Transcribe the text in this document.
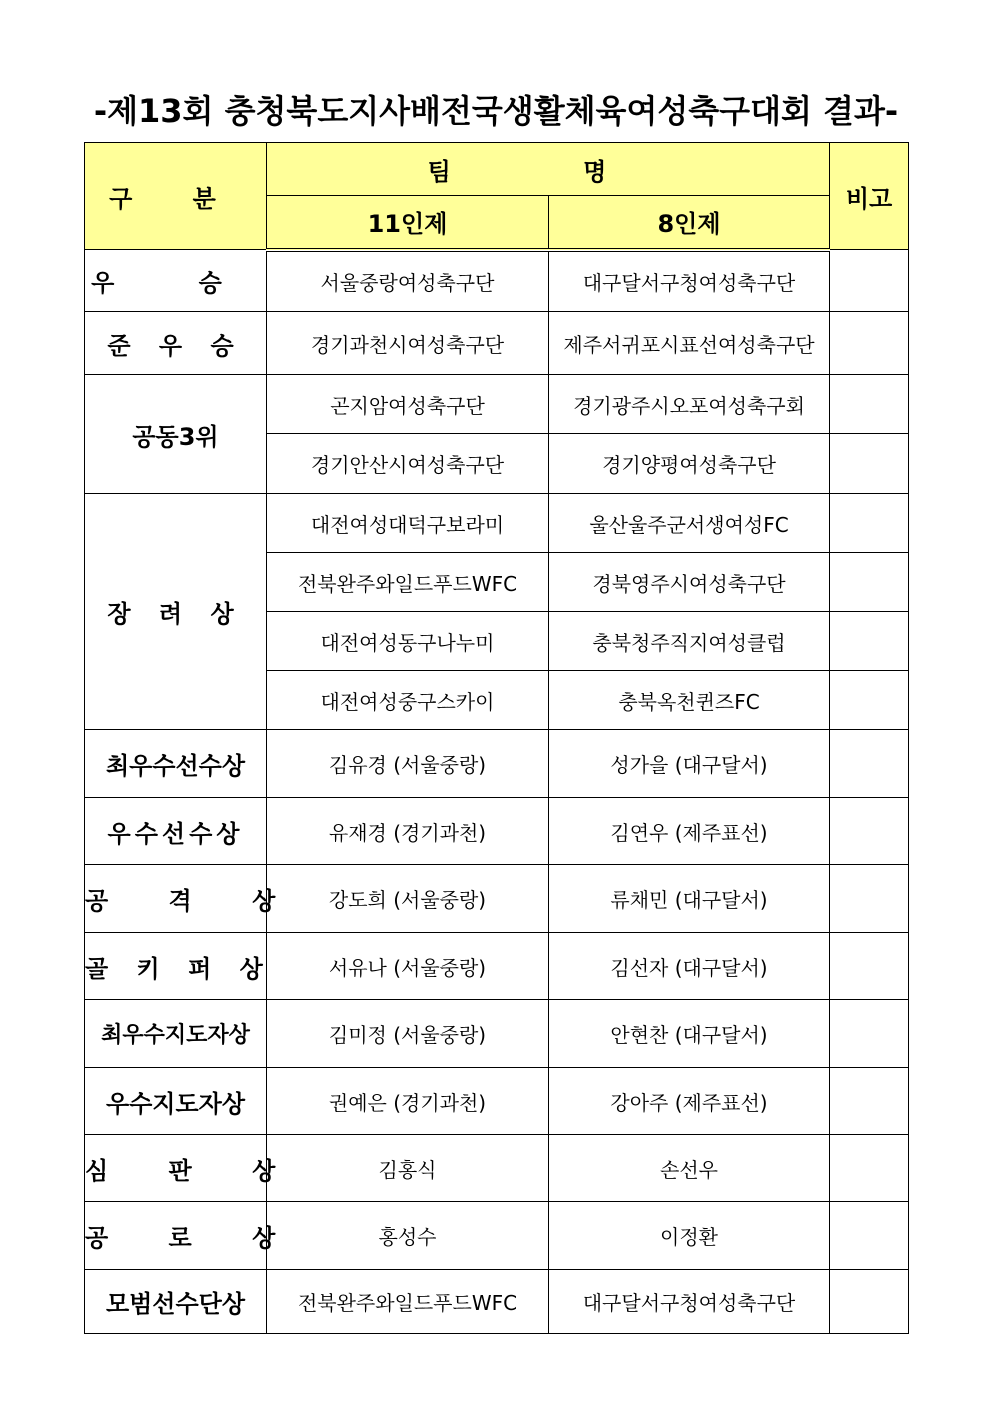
-제13회 충청북도지사배전국생활체육여성축구대회 결과-
구 분	팀 명		비고
	11인제	8인제	
우 승	서울중랑여성축구단	대구달서구청여성축구단	
준 우 승	경기과천시여성축구단	제주서귀포시표선여성축구단	
공동3위	곤지암여성축구단	경기광주시오포여성축구회	
	경기안산시여성축구단	경기양평여성축구단	
장 려 상	대전여성대덕구보라미	울산울주군서생여성FC	
	전북완주와일드푸드WFC	경북영주시여성축구단	
	대전여성동구나누미	충북청주직지여성클럽	
	대전여성중구스카이	충북옥천퀸즈FC	
최우수선수상	김유경 (서울중랑)	성가을 (대구달서)	
우수선수상	유재경 (경기과천)	김연우 (제주표선)	
공 격 상	강도희 (서울중랑)	류채민 (대구달서)	
골 키 퍼 상	서유나 (서울중랑)	김선자 (대구달서)	
최우수지도자상	김미정 (서울중랑)	안현찬 (대구달서)	
우수지도자상	권예은 (경기과천)	강아주 (제주표선)	
심 판 상	김홍식	손선우	
공 로 상	홍성수	이정환	
모범선수단상	전북완주와일드푸드WFC	대구달서구청여성축구단	
